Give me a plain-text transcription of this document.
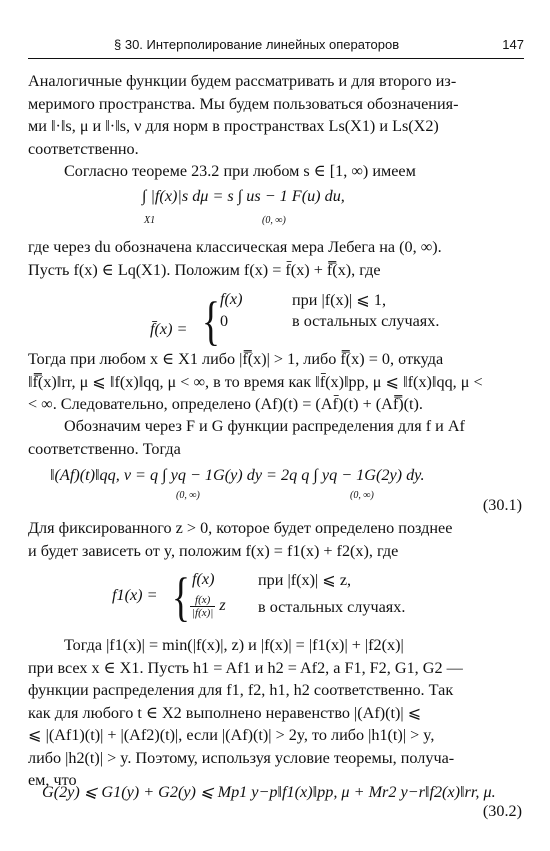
§ 30. Интерполирование линейных операторов	147
Аналогичные функции будем рассматривать и для второго из-
меримого пространства. Мы будем пользоваться обозначения-
ми ‖·‖s, μ и ‖·‖s, ν для норм в пространствах Ls(X1) и Ls(X2)
соответственно.
Согласно теореме 23.2 при любом s ∈ [1, ∞) имеем
∫ |f(x)|s dμ = s ∫ us − 1 F(u) du,
X1	(0, ∞)
где через du обозначена классическая мера Лебега на (0, ∞).
Пусть f(x) ∈ Lq(X1). Положим f(x) = f̄(x) + f̿(x), где
f̄(x) = { f(x)	при |f(x)| ⩽ 1,
0	в остальных случаях.
Тогда при любом x ∈ X1 либо |f̿(x)| > 1, либо f̿(x) = 0, откуда
‖f̿(x)‖rr, μ ⩽ ‖f(x)‖qq, μ < ∞, в то время как ‖f̄(x)‖pp, μ ⩽ ‖f(x)‖qq, μ <
< ∞. Следовательно, определено (Af)(t) = (Af̄)(t) + (Af̿)(t).
Обозначим через F и G функции распределения для f и Af
соответственно. Тогда
‖(Af)(t)‖qq, ν = q ∫ yq − 1G(y) dy = 2q q ∫ yq − 1G(2y) dy.
(0, ∞)	(0, ∞)
(30.1)
Для фиксированного z > 0, которое будет определено позднее
и будет зависеть от y, положим f(x) = f1(x) + f2(x), где
f1(x) = { f(x)	при |f(x)| ⩽ z,
$\frac{f(x)}{|f(x)|}$ z в остальных случаях.
Тогда |f1(x)| = min(|f(x)|, z) и |f(x)| = |f1(x)| + |f2(x)|
при всех x ∈ X1. Пусть h1 = Af1 и h2 = Af2, а F1, F2, G1, G2 —
функции распределения для f1, f2, h1, h2 соответственно. Так
как для любого t ∈ X2 выполнено неравенство |(Af)(t)| ⩽
⩽ |(Af1)(t)| + |(Af2)(t)|, если |(Af)(t)| > 2y, то либо |h1(t)| > y,
либо |h2(t)| > y. Поэтому, используя условие теоремы, получа-
ем, что
G(2y) ⩽ G1(y) + G2(y) ⩽ Mp1 y−p‖f1(x)‖pp, μ + Mr2 y−r‖f2(x)‖rr, μ.
(30.2)
